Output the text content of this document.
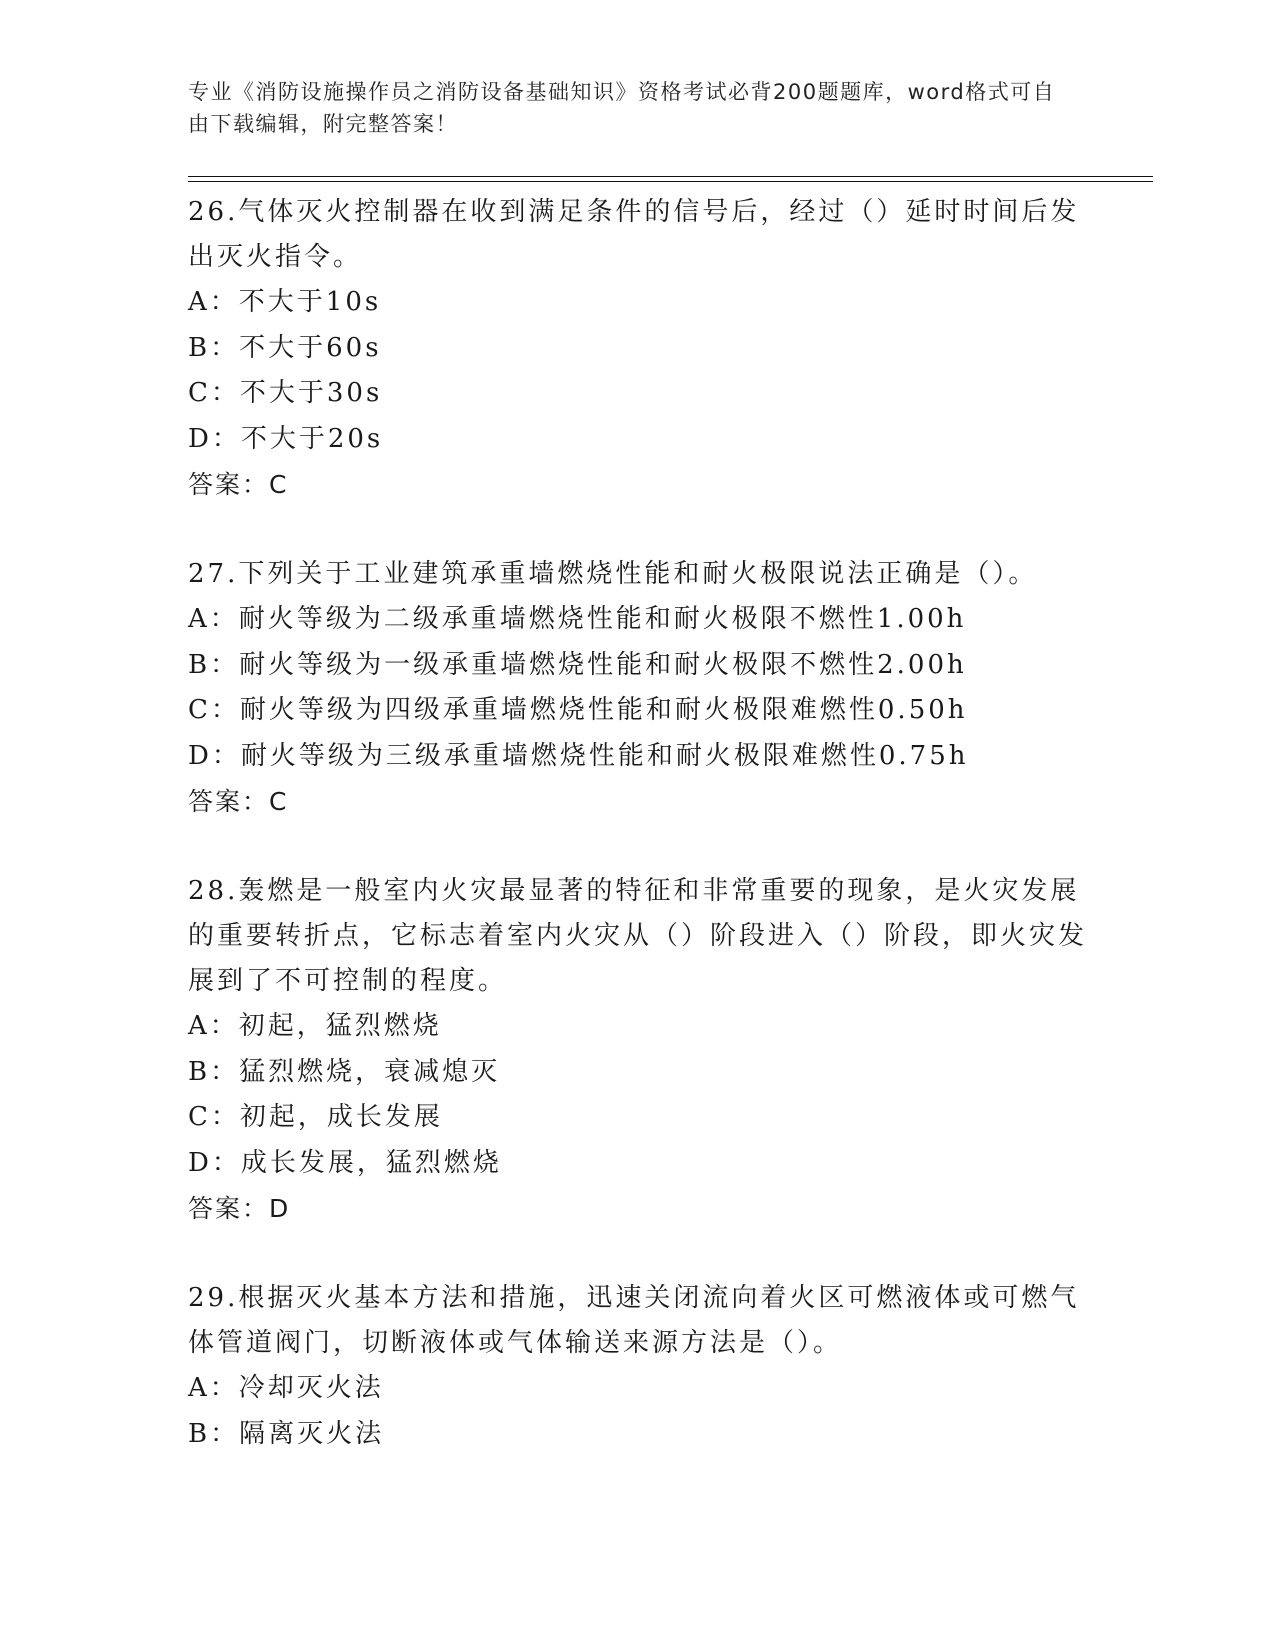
专业《消防设施操作员之消防设备基础知识》资格考试必背200题题库，word格式可自由下载编辑，附完整答案！

26.气体灭火控制器在收到满足条件的信号后，经过（）延时时间后发出灭火指令。

A：不大于10s

B：不大于60s

C：不大于30s

D：不大于20s

答案：C

27.下列关于工业建筑承重墙燃烧性能和耐火极限说法正确是（）。

A：耐火等级为二级承重墙燃烧性能和耐火极限不燃性1.00h

B：耐火等级为一级承重墙燃烧性能和耐火极限不燃性2.00h

C：耐火等级为四级承重墙燃烧性能和耐火极限难燃性0.50h

D：耐火等级为三级承重墙燃烧性能和耐火极限难燃性0.75h

答案：C

28.轰燃是一般室内火灾最显著的特征和非常重要的现象，是火灾发展的重要转折点，它标志着室内火灾从（）阶段进入（）阶段，即火灾发展到了不可控制的程度。

A：初起，猛烈燃烧

B：猛烈燃烧，衰减熄灭

C：初起，成长发展

D：成长发展，猛烈燃烧

答案：D

29.根据灭火基本方法和措施，迅速关闭流向着火区可燃液体或可燃气体管道阀门，切断液体或气体输送来源方法是（）。

A：冷却灭火法

B：隔离灭火法
